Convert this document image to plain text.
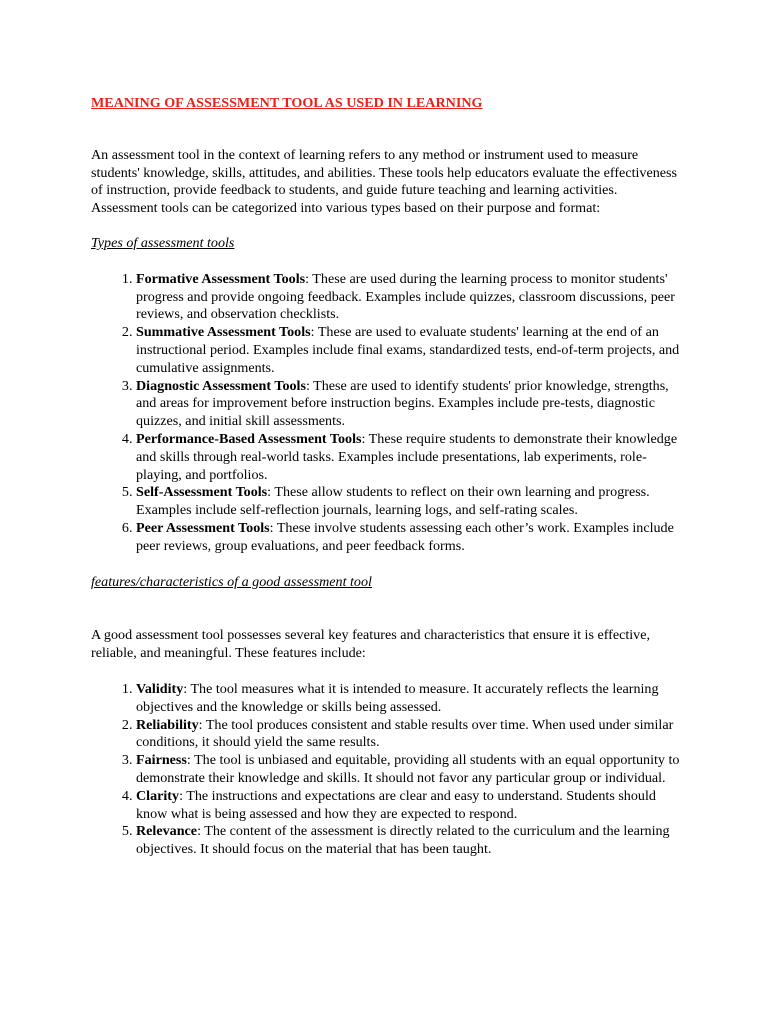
MEANING OF ASSESSMENT TOOL AS USED IN LEARNING

An assessment tool in the context of learning refers to any method or instrument used to measure students' knowledge, skills, attitudes, and abilities. These tools help educators evaluate the effectiveness of instruction, provide feedback to students, and guide future teaching and learning activities. Assessment tools can be categorized into various types based on their purpose and format:

Types of assessment tools

1. Formative Assessment Tools: These are used during the learning process to monitor students' progress and provide ongoing feedback. Examples include quizzes, classroom discussions, peer reviews, and observation checklists.
2. Summative Assessment Tools: These are used to evaluate students' learning at the end of an instructional period. Examples include final exams, standardized tests, end-of-term projects, and cumulative assignments.
3. Diagnostic Assessment Tools: These are used to identify students' prior knowledge, strengths, and areas for improvement before instruction begins. Examples include pre-tests, diagnostic quizzes, and initial skill assessments.
4. Performance-Based Assessment Tools: These require students to demonstrate their knowledge and skills through real-world tasks. Examples include presentations, lab experiments, role-playing, and portfolios.
5. Self-Assessment Tools: These allow students to reflect on their own learning and progress. Examples include self-reflection journals, learning logs, and self-rating scales.
6. Peer Assessment Tools: These involve students assessing each other’s work. Examples include peer reviews, group evaluations, and peer feedback forms.

features/characteristics of a good assessment tool

A good assessment tool possesses several key features and characteristics that ensure it is effective, reliable, and meaningful. These features include:

1. Validity: The tool measures what it is intended to measure. It accurately reflects the learning objectives and the knowledge or skills being assessed.
2. Reliability: The tool produces consistent and stable results over time. When used under similar conditions, it should yield the same results.
3. Fairness: The tool is unbiased and equitable, providing all students with an equal opportunity to demonstrate their knowledge and skills. It should not favor any particular group or individual.
4. Clarity: The instructions and expectations are clear and easy to understand. Students should know what is being assessed and how they are expected to respond.
5. Relevance: The content of the assessment is directly related to the curriculum and the learning objectives. It should focus on the material that has been taught.
